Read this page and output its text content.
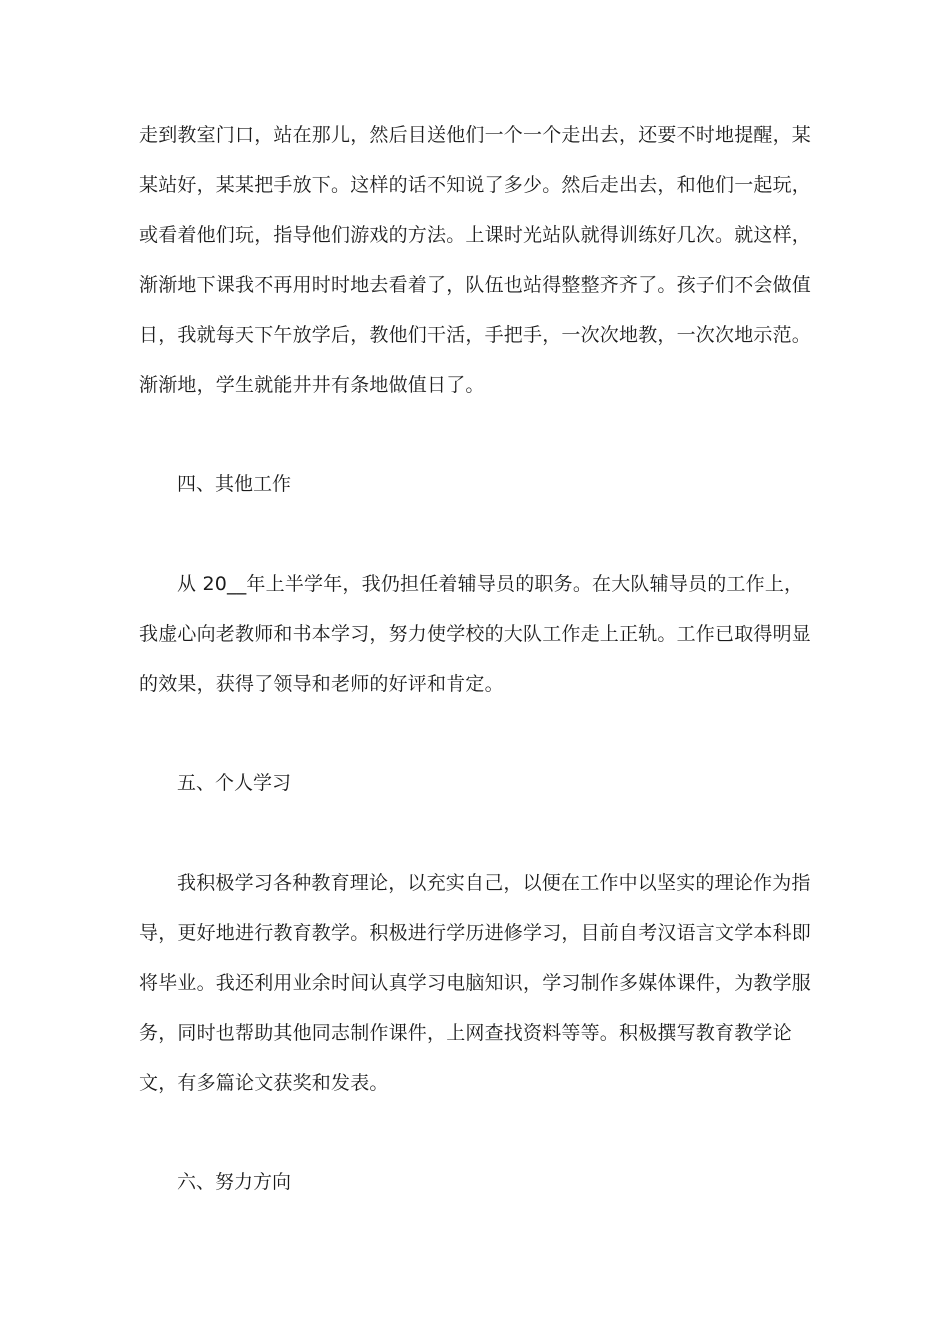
走到教室门口，站在那儿，然后目送他们一个一个走出去，还要不时地提醒，某某站好，某某把手放下。这样的话不知说了多少。然后走出去，和他们一起玩，或看着他们玩，指导他们游戏的方法。上课时光站队就得训练好几次。就这样，渐渐地下课我不再用时时地去看着了，队伍也站得整整齐齐了。孩子们不会做值日，我就每天下午放学后，教他们干活，手把手，一次次地教，一次次地示范。渐渐地，学生就能井井有条地做值日了。

四、其他工作

从 20__年上半学年，我仍担任着辅导员的职务。在大队辅导员的工作上，我虚心向老教师和书本学习，努力使学校的大队工作走上正轨。工作已取得明显的效果，获得了领导和老师的好评和肯定。

五、个人学习

我积极学习各种教育理论，以充实自己，以便在工作中以坚实的理论作为指导，更好地进行教育教学。积极进行学历进修学习，目前自考汉语言文学本科即将毕业。我还利用业余时间认真学习电脑知识，学习制作多媒体课件，为教学服务，同时也帮助其他同志制作课件，上网查找资料等等。积极撰写教育教学论文，有多篇论文获奖和发表。

六、努力方向
